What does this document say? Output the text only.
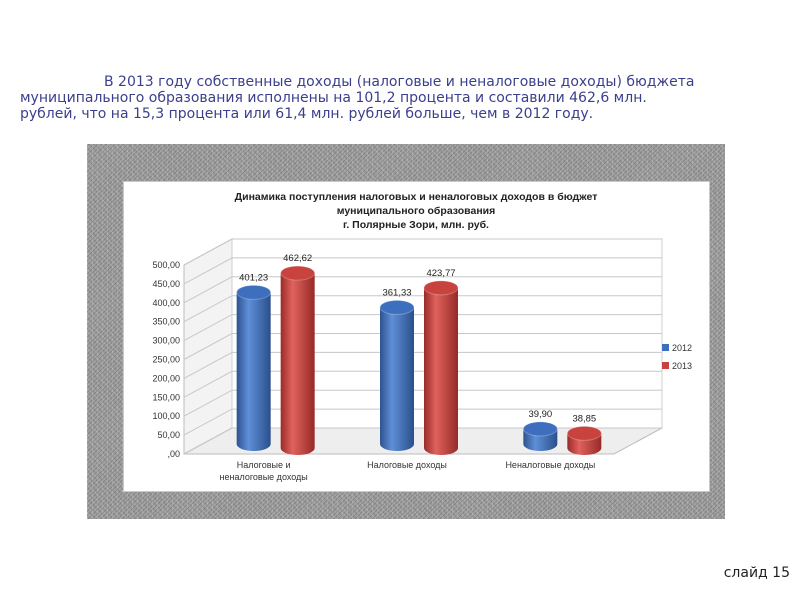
В 2013 году собственные доходы (налоговые и неналоговые доходы) бюджета
муниципального образования исполнены на 101,2 процента и составили 462,6 млн.
рублей, что на 15,3 процента или 61,4 млн. рублей больше, чем в 2012 году.
Динамика поступления налоговых и неналоговых доходов в бюджет
муниципального образования
г. Полярные Зори, млн. руб.
,00
50,00
100,00
150,00
200,00
250,00
300,00
350,00
400,00
450,00
500,00
401,23
462,62
361,33
423,77
39,90 38,85
Налоговые и
неналоговые доходы
Налоговые доходы	Неналоговые доходы
2012
2013
слайд 15
